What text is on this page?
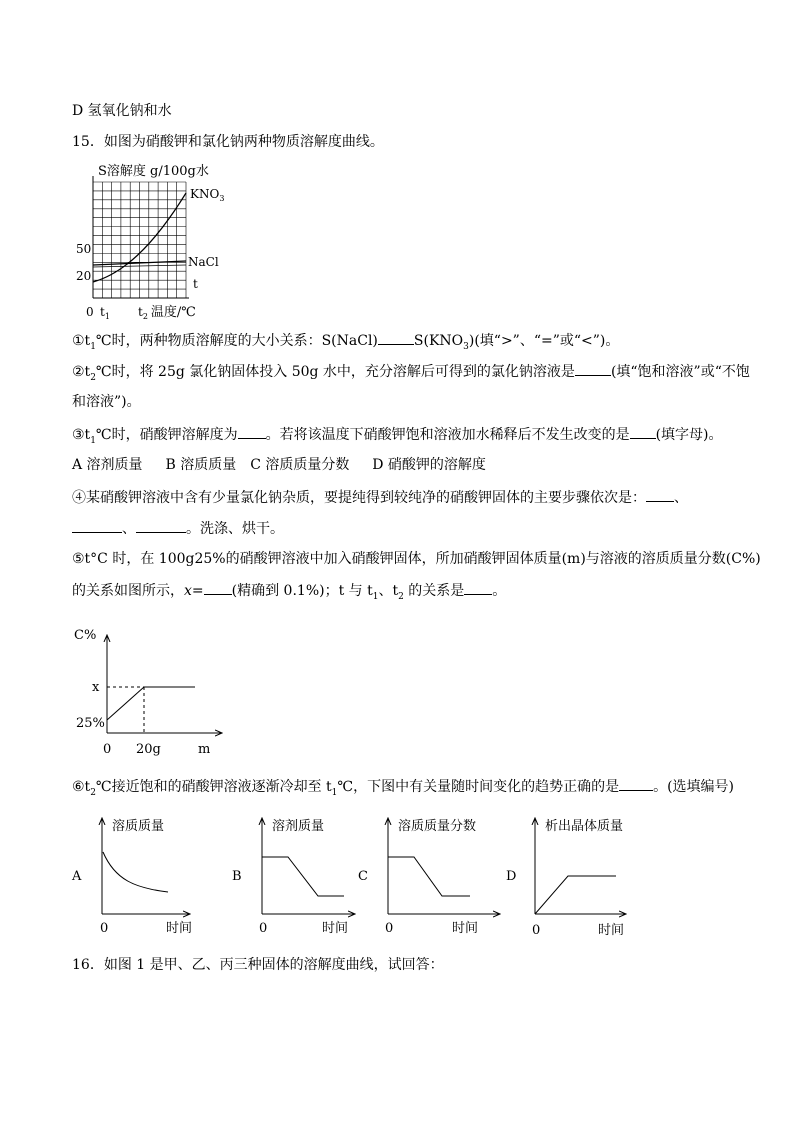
D 氢氧化钠和水
15．如图为硝酸钾和氯化钠两种物质溶解度曲线。
S溶解度 g/100g水
$KNO_3$
NaCl
t
50
20
0 $t_1$ $t_2$ 温度/℃
$①t_1℃$时，两种物质溶解度的大小关系：S(NaCl)	$S(KNO_3)$(填“>”、“=”或“<”)。
$②t_2℃$时，将 25g 氯化钠固体投入 50g 水中，充分溶解后可得到的氯化钠溶液是	(填“饱和溶液”或“不饱
和溶液”)。
$③t_1℃$时，硝酸钾溶解度为 。若将该温度下硝酸钾饱和溶液加水稀释后不发生改变的是 (填字母)。
A 溶剂质量　  B 溶质质量　C 溶质质量分数　  D 硝酸钾的溶解度
④某硝酸钾溶液中含有少量氯化钠杂质，要提纯得到较纯净的硝酸钾固体的主要步骤依次是： 、
、	。洗涤、烘干。
⑤t°C 时，在 100g25%的硝酸钾溶液中加入硝酸钾固体，所加硝酸钾固体质量(m)与溶液的溶质质量分数(C%)
的关系如图所示，x= (精确到 0.1%)；t 与 $t_1$、$t_2$ 的关系是 。
C%
x
25%
0 20g	m
$⑥t_2℃$接近饱和的硝酸钾溶液逐渐冷却至 $t_1℃$，下图中有关量随时间变化的趋势正确的是 。(选填编号)
A
溶质质量
0	时间
B
溶剂质量
0	时间
C
溶质质量分数
0	时间
D
析出晶体质量
0	时间
16．如图 1 是甲、乙、丙三种固体的溶解度曲线，试回答：
